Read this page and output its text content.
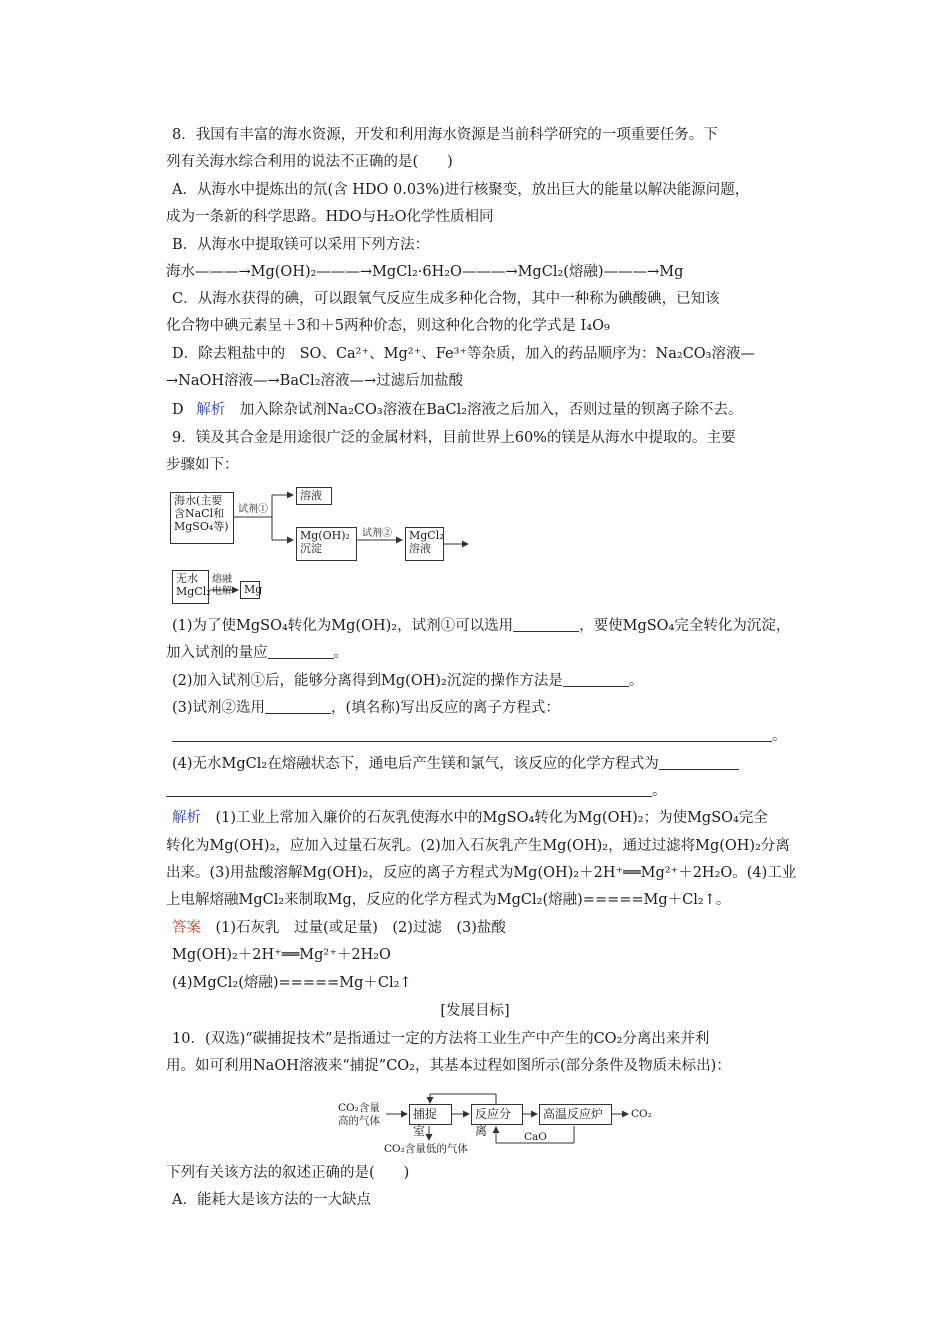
8．我国有丰富的海水资源，开发和利用海水资源是当前科学研究的一项重要任务。下
列有关海水综合利用的说法不正确的是(　　)
A．从海水中提炼出的氘(含 HDO 0.03%)进行核聚变，放出巨大的能量以解决能源问题，
成为一条新的科学思路。HDO与H₂O化学性质相同
B．从海水中提取镁可以采用下列方法：
海水———→Mg(OH)₂———→MgCl₂·6H₂O———→MgCl₂(熔融)———→Mg
C．从海水获得的碘，可以跟氧气反应生成多种化合物，其中一种称为碘酸碘，已知该
化合物中碘元素呈＋3和＋5两种价态，则这种化合物的化学式是 I₄O₉
D．除去粗盐中的　SO、Ca²⁺、Mg²⁺、Fe³⁺等杂质，加入的药品顺序为：Na₂CO₃溶液—
→NaOH溶液—→BaCl₂溶液—→过滤后加盐酸
D 解析　加入除杂试剂Na₂CO₃溶液在BaCl₂溶液之后加入，否则过量的钡离子除不去。
9．镁及其合金是用途很广泛的金属材料，目前世界上60%的镁是从海水中提取的。主要
步骤如下：
海水(主要含NaCl和MgSO₄等)
试剂①
溶液
Mg(OH)₂沉淀
试剂②	MgCl₂溶液
无水MgCl₂
熔融电解	Mg
(1)为了使MgSO₄转化为Mg(OH)₂，试剂①可以选用	，要使MgSO₄完全转化为沉淀，
加入试剂的量应	。
(2)加入试剂①后，能够分离得到Mg(OH)₂沉淀的操作方法是	。
(3)试剂②选用	，(填名称)写出反应的离子方程式：
。
(4)无水MgCl₂在熔融状态下，通电后产生镁和氯气，该反应的化学方程式为
。
解析　(1)工业上常加入廉价的石灰乳使海水中的MgSO₄转化为Mg(OH)₂；为使MgSO₄完全
转化为Mg(OH)₂，应加入过量石灰乳。(2)加入石灰乳产生Mg(OH)₂，通过过滤将Mg(OH)₂分离
出来。(3)用盐酸溶解Mg(OH)₂，反应的离子方程式为Mg(OH)₂＋2H⁺══Mg²⁺＋2H₂O。(4)工业
上电解熔融MgCl₂来制取Mg，反应的化学方程式为MgCl₂(熔融)=====Mg＋Cl₂↑。
答案　(1)石灰乳　过量(或足量)　(2)过滤　(3)盐酸
Mg(OH)₂＋2H⁺══Mg²⁺＋2H₂O
(4)MgCl₂(熔融)=====Mg＋Cl₂↑
[发展目标]
10．(双选)“碳捕捉技术”是指通过一定的方法将工业生产中产生的CO₂分离出来并利
用。如可利用NaOH溶液来“捕捉”CO₂，其基本过程如图所示(部分条件及物质未标出)：
CO₂含量高的气体	捕捉室
反应分离
高温反应炉	CO₂
CO₂含量低的气体
CaO
下列有关该方法的叙述正确的是(　　)
A．能耗大是该方法的一大缺点
